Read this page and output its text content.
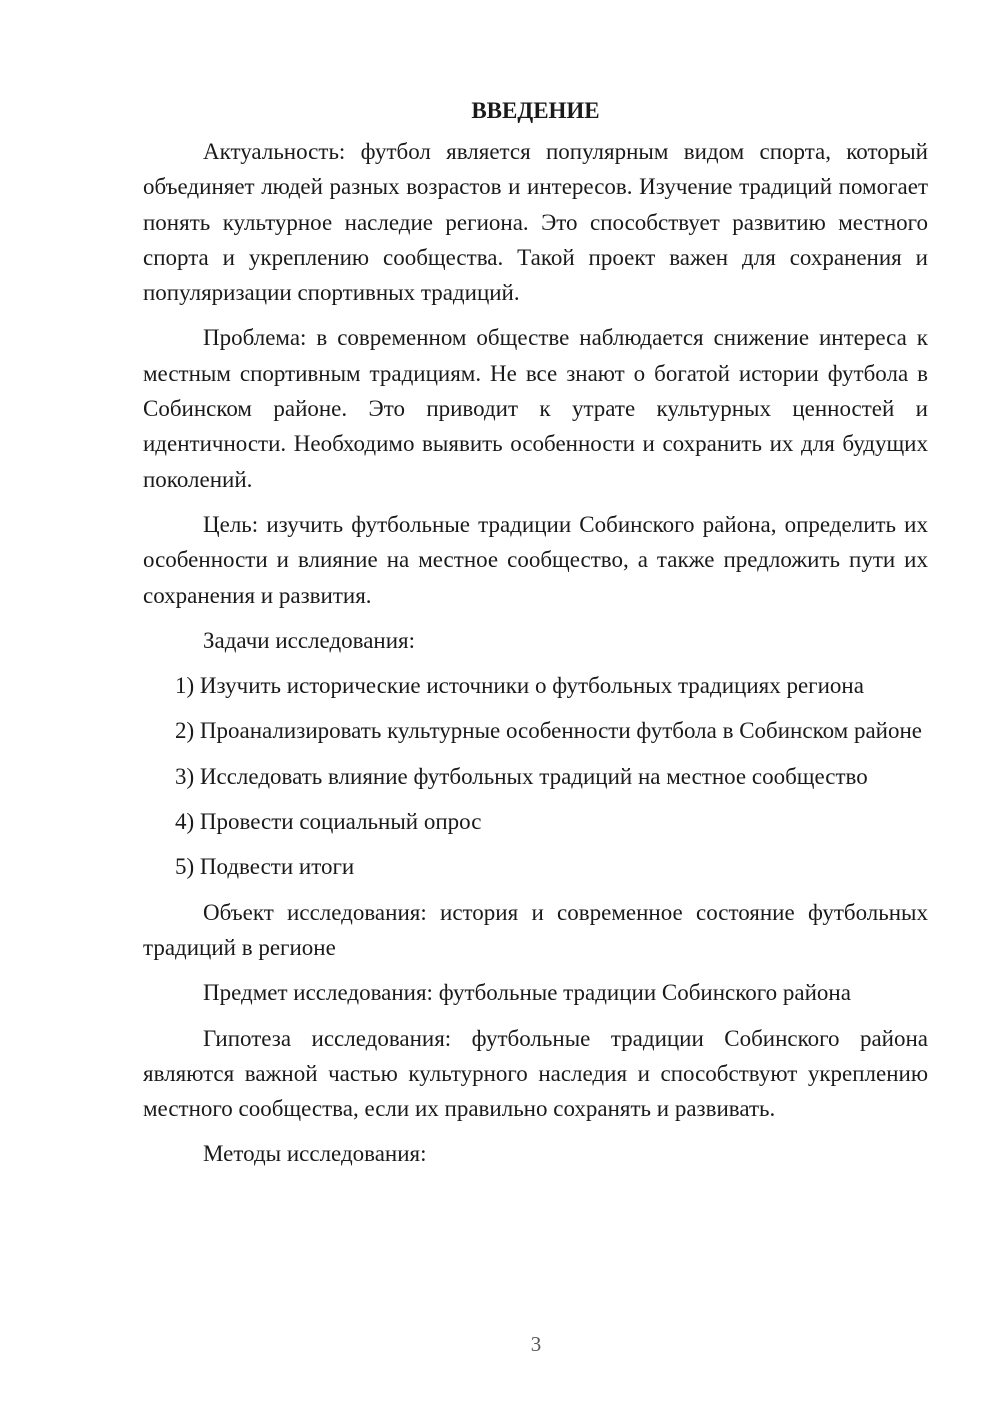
ВВЕДЕНИЕ

Актуальность: футбол является популярным видом спорта, который объединяет людей разных возрастов и интересов. Изучение традиций помогает понять культурное наследие региона. Это способствует развитию местного спорта и укреплению сообщества. Такой проект важен для сохранения и популяризации спортивных традиций.

Проблема: в современном обществе наблюдается снижение интереса к местным спортивным традициям. Не все знают о богатой истории футбола в Собинском районе. Это приводит к утрате культурных ценностей и идентичности. Необходимо выявить особенности и сохранить их для будущих поколений.

Цель: изучить футбольные традиции Собинского района, определить их особенности и влияние на местное сообщество, а также предложить пути их сохранения и развития.

Задачи исследования:

1) Изучить исторические источники о футбольных традициях региона

2) Проанализировать культурные особенности футбола в Собинском районе

3) Исследовать влияние футбольных традиций на местное сообщество

4) Провести социальный опрос

5) Подвести итоги

Объект исследования: история и современное состояние футбольных традиций в регионе

Предмет исследования: футбольные традиции Собинского района

Гипотеза исследования: футбольные традиции Собинского района являются важной частью культурного наследия и способствуют укреплению местного сообщества, если их правильно сохранять и развивать.

Методы исследования:

3
